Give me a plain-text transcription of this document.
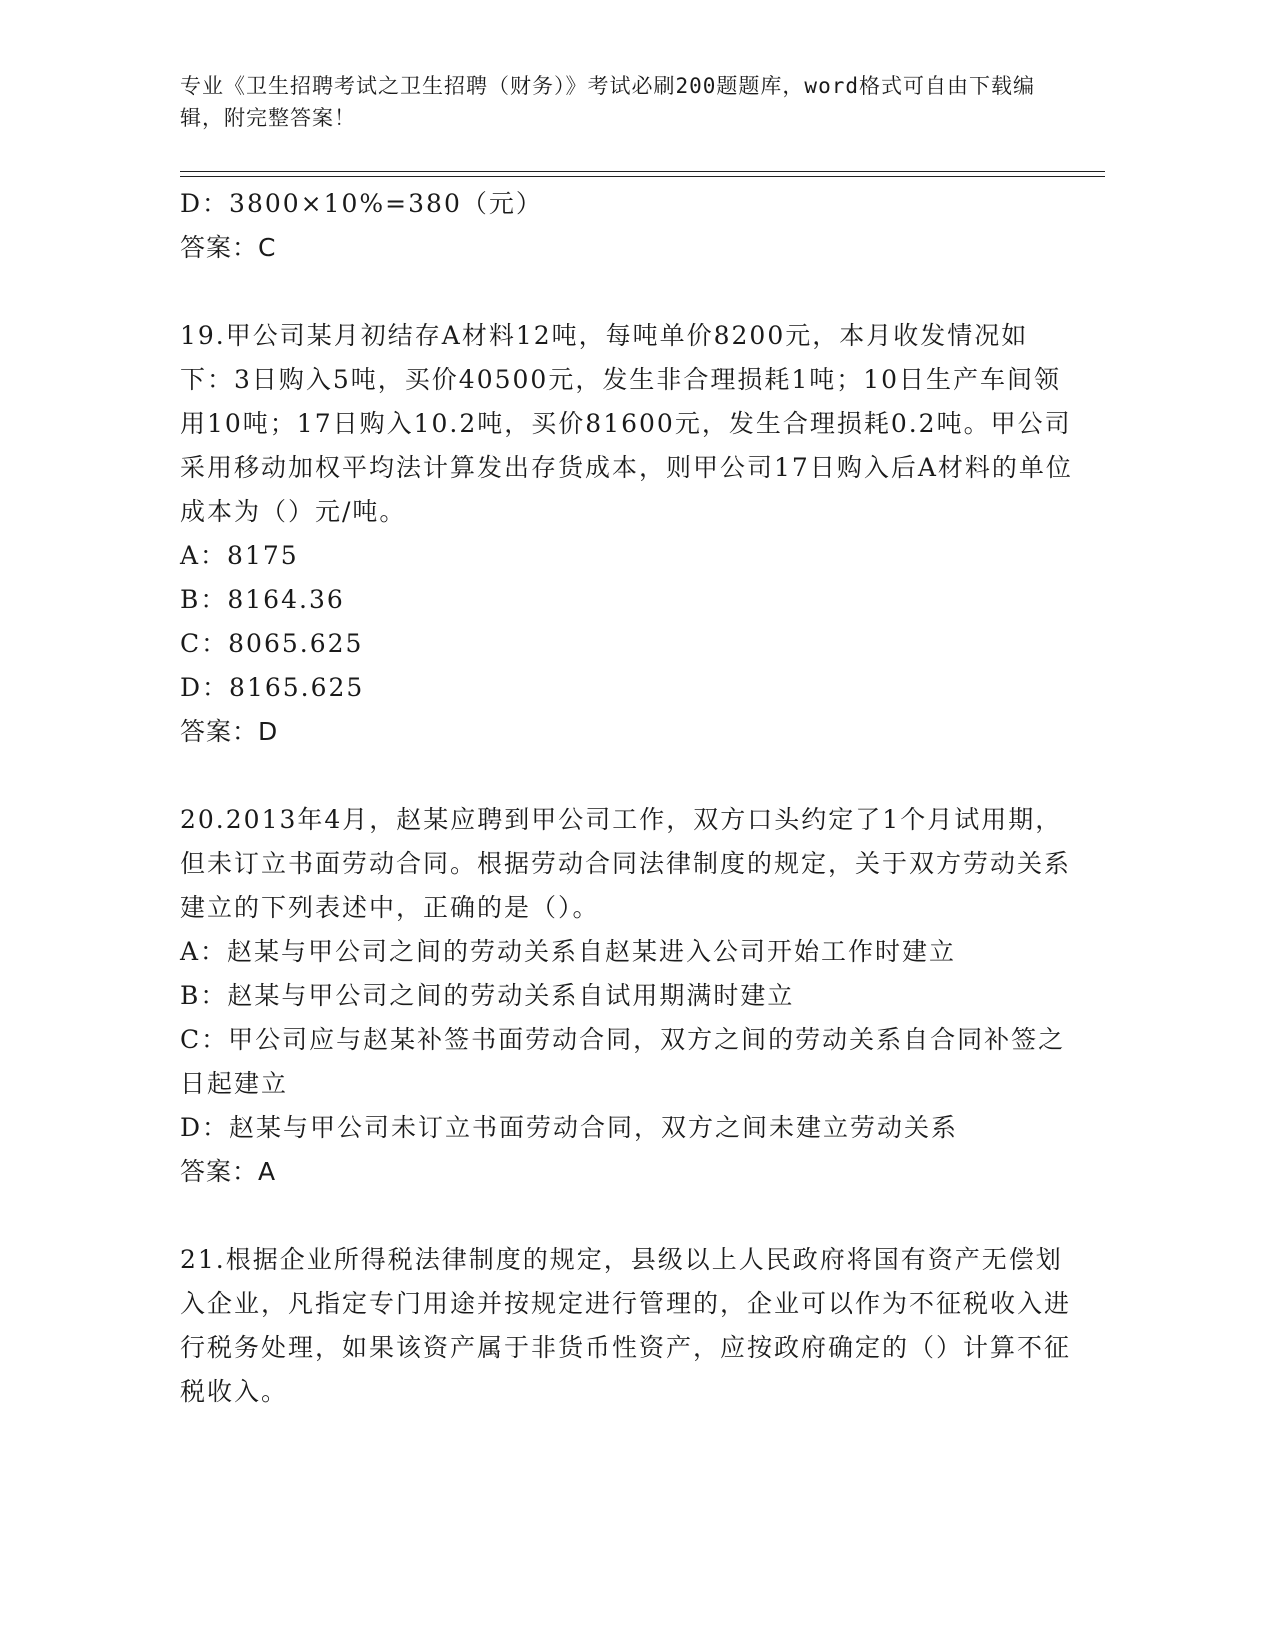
专业《卫生招聘考试之卫生招聘（财务）》考试必刷200题题库，word格式可自由下载编辑，附完整答案！
D：3800×10%=380（元）
答案：C
19.甲公司某月初结存A材料12吨，每吨单价8200元，本月收发情况如下：3日购入5吨，买价40500元，发生非合理损耗1吨；10日生产车间领用10吨；17日购入10.2吨，买价81600元，发生合理损耗0.2吨。甲公司采用移动加权平均法计算发出存货成本，则甲公司17日购入后A材料的单位成本为（）元/吨。
A：8175
B：8164.36
C：8065.625
D：8165.625
答案：D
20.2013年4月，赵某应聘到甲公司工作，双方口头约定了1个月试用期，但未订立书面劳动合同。根据劳动合同法律制度的规定，关于双方劳动关系建立的下列表述中，正确的是（）。
A：赵某与甲公司之间的劳动关系自赵某进入公司开始工作时建立
B：赵某与甲公司之间的劳动关系自试用期满时建立
C：甲公司应与赵某补签书面劳动合同，双方之间的劳动关系自合同补签之日起建立
D：赵某与甲公司未订立书面劳动合同，双方之间未建立劳动关系
答案：A
21.根据企业所得税法律制度的规定，县级以上人民政府将国有资产无偿划入企业，凡指定专门用途并按规定进行管理的，企业可以作为不征税收入进行税务处理，如果该资产属于非货币性资产，应按政府确定的（）计算不征税收入。
